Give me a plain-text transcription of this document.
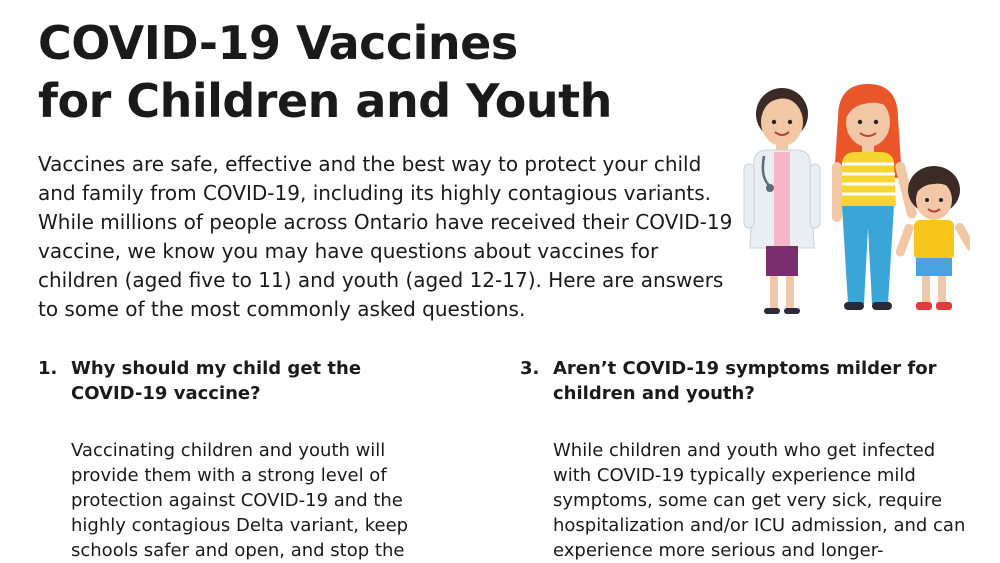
COVID-19 Vaccines
for Children and Youth

Vaccines are safe, effective and the best way to protect your child and family from COVID-19, including its highly contagious variants. While millions of people across Ontario have received their COVID-19 vaccine, we know you may have questions about vaccines for children (aged five to 11) and youth (aged 12-17). Here are answers to some of the most commonly asked questions.

1. Why should my child get the COVID-19 vaccine?

Vaccinating children and youth will provide them with a strong level of protection against COVID-19 and the highly contagious Delta variant, keep schools safer and open, and stop the

3. Aren’t COVID-19 symptoms milder for children and youth?

While children and youth who get infected with COVID-19 typically experience mild symptoms, some can get very sick, require hospitalization and/or ICU admission, and can experience more serious and longer-
